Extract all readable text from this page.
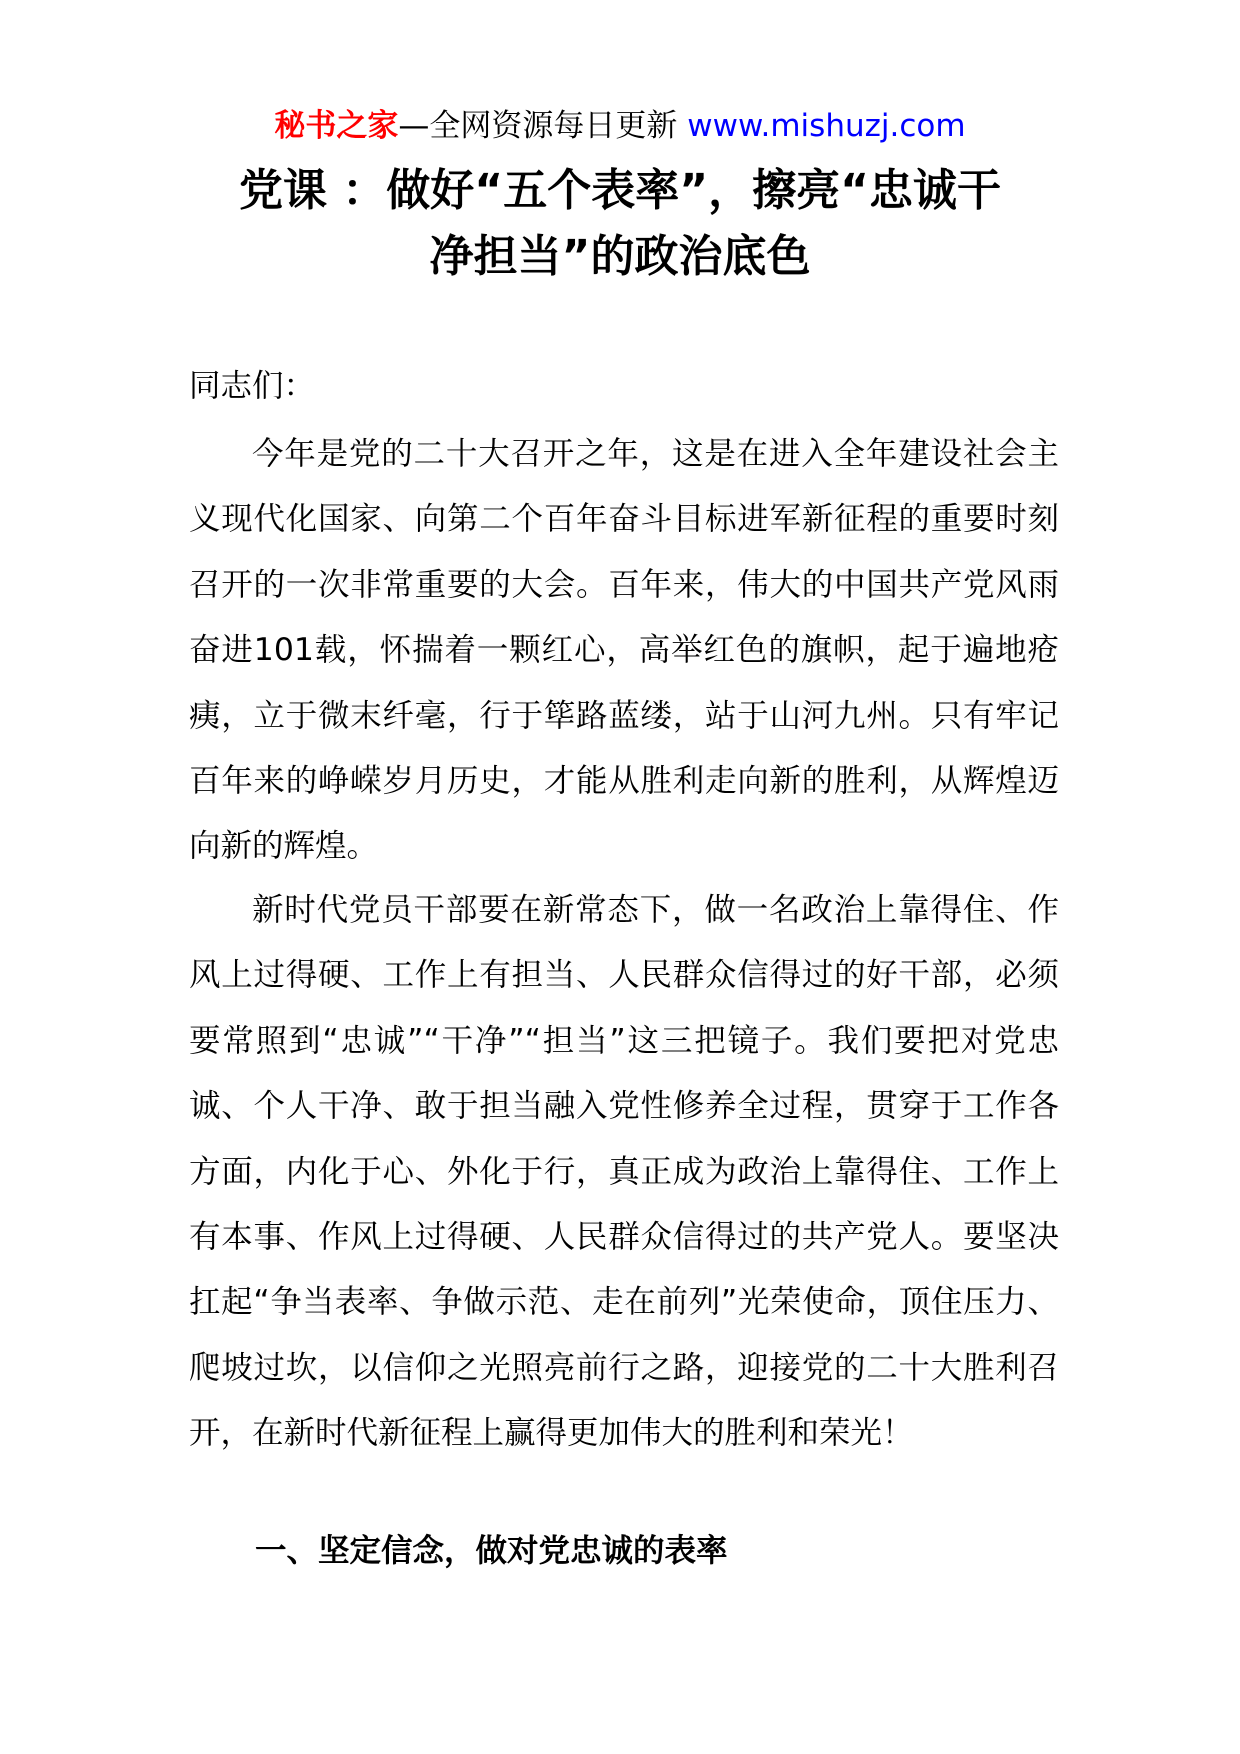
秘书之家—全网资源每日更新 www.mishuzj.com
党课 ：做好“五个表率”，擦亮“忠诚干
净担当”的政治底色
同志们：

今年是党的二十大召开之年，这是在进入全年建设社会主义现代化国家、向第二个百年奋斗目标进军新征程的重要时刻召开的一次非常重要的大会。百年来，伟大的中国共产党风雨奋进101载，怀揣着一颗红心，高举红色的旗帜，起于遍地疮痍，立于微末纤毫，行于筚路蓝缕，站于山河九州。只有牢记百年来的峥嵘岁月历史，才能从胜利走向新的胜利，从辉煌迈向新的辉煌。

新时代党员干部要在新常态下，做一名政治上靠得住、作风上过得硬、工作上有担当、人民群众信得过的好干部，必须要常照到“忠诚”“干净”“担当”这三把镜子。我们要把对党忠诚、个人干净、敢于担当融入党性修养全过程，贯穿于工作各方面，内化于心、外化于行，真正成为政治上靠得住、工作上有本事、作风上过得硬、人民群众信得过的共产党人。要坚决扛起“争当表率、争做示范、走在前列”光荣使命，顶住压力、爬坡过坎，以信仰之光照亮前行之路，迎接党的二十大胜利召开，在新时代新征程上赢得更加伟大的胜利和荣光！

一、坚定信念，做对党忠诚的表率
